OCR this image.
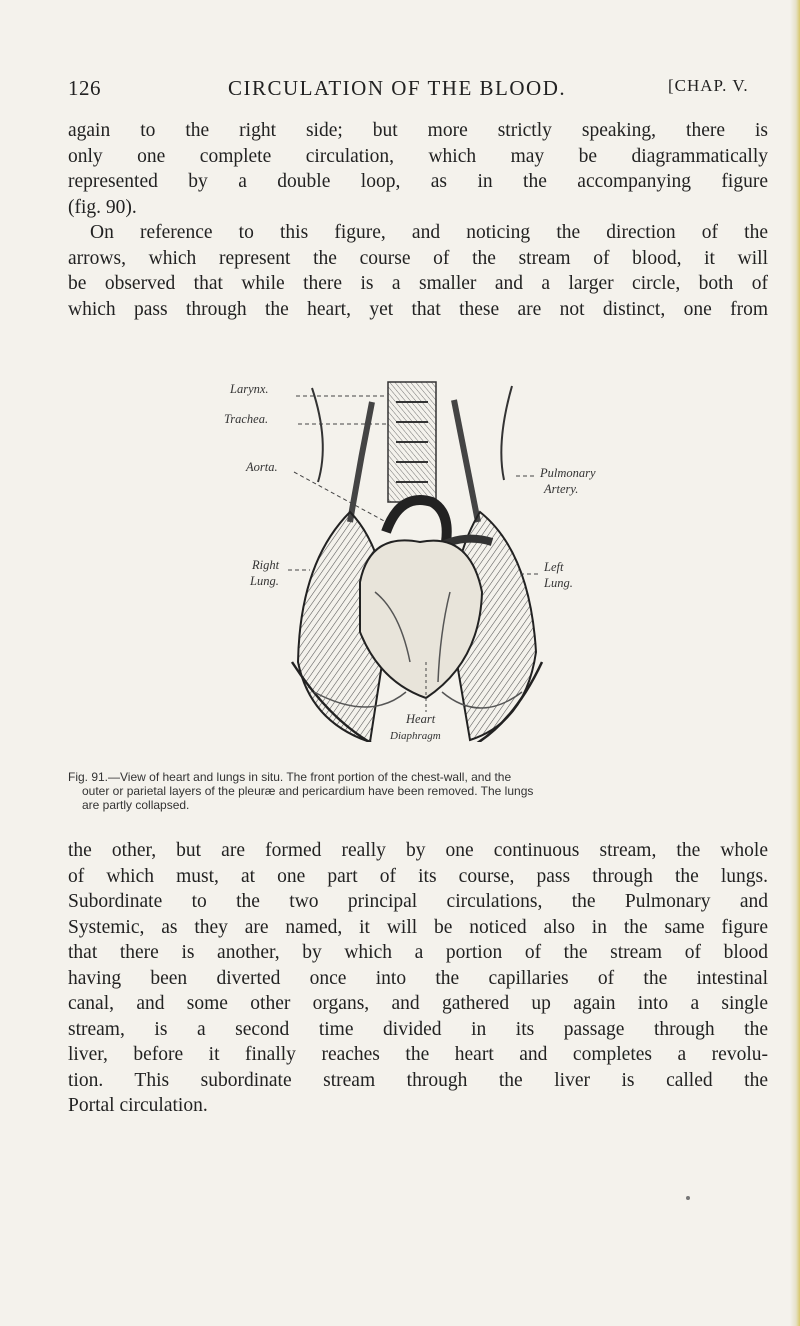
126	CIRCULATION OF THE BLOOD.	[CHAP. V.

again to the right side; but more strictly speaking, there is
only one complete circulation, which may be diagrammatically
represented by a double loop, as in the accompanying figure
(fig. 90).

On reference to this figure, and noticing the direction of the
arrows, which represent the course of the stream of blood, it will
be observed that while there is a smaller and a larger circle, both of
which pass through the heart, yet that these are not distinct, one from

Larynx.
Trachea.
Aorta.
Right
Lung.
Pulmonary
Artery.
Left
Lung.
Heart
Diaphragm
Fig. 91.—View of heart and lungs in situ. The front portion of the chest-wall, and the
outer or parietal layers of the pleuræ and pericardium have been removed. The lungs
are partly collapsed.

the other, but are formed really by one continuous stream, the whole
of which must, at one part of its course, pass through the lungs.
Subordinate to the two principal circulations, the Pulmonary and
Systemic, as they are named, it will be noticed also in the same figure
that there is another, by which a portion of the stream of blood
having been diverted once into the capillaries of the intestinal
canal, and some other organs, and gathered up again into a single
stream, is a second time divided in its passage through the
liver, before it finally reaches the heart and completes a revolu-
tion. This subordinate stream through the liver is called the
Portal circulation.
